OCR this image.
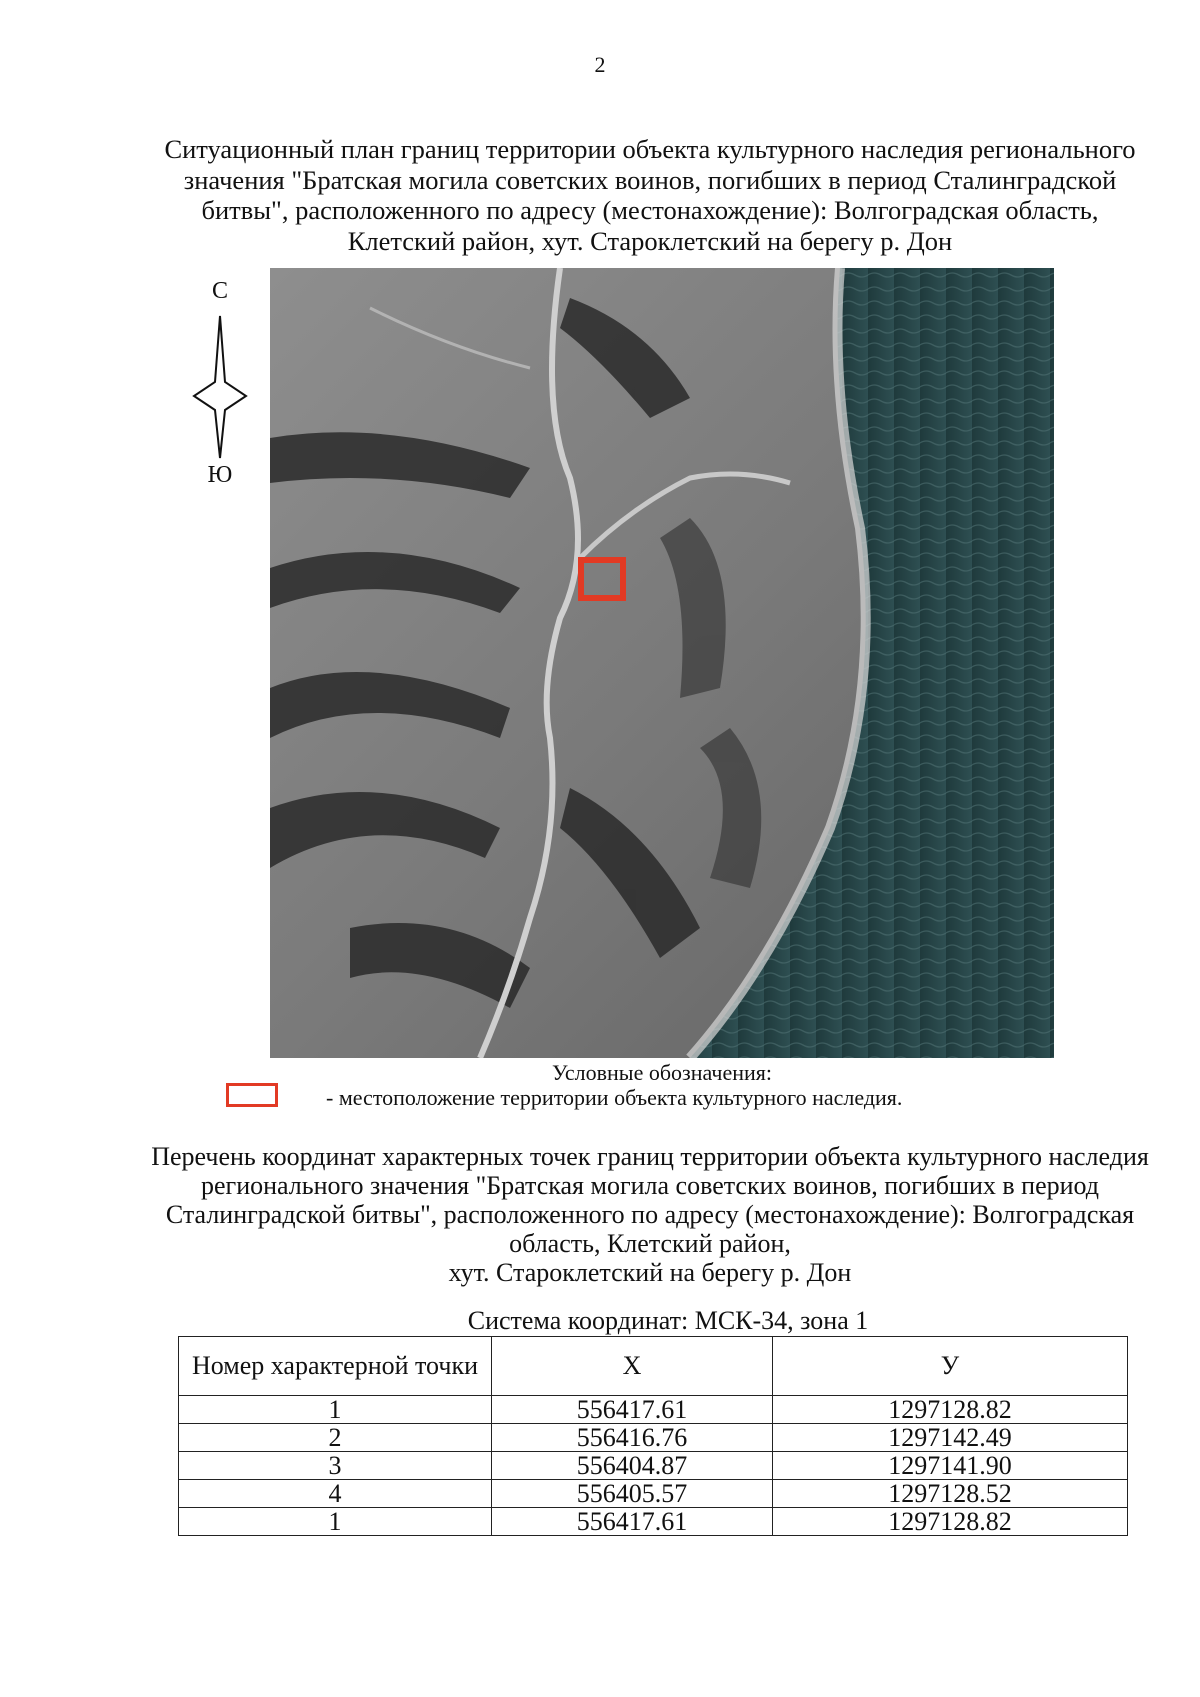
2
Ситуационный план границ территории объекта культурного наследия регионального значения "Братская могила советских воинов, погибших в период Сталинградской битвы", расположенного по адресу (местонахождение): Волгоградская область, Клетский район, хут. Староклетский на берегу р. Дон
С
Ю
Условные обозначения:
- местоположение территории объекта культурного наследия.
Перечень координат характерных точек границ территории объекта культурного наследия регионального значения "Братская могила советских воинов, погибших в период Сталинградской битвы", расположенного по адресу (местонахождение): Волгоградская область, Клетский район,
хут. Староклетский на берегу р. Дон
Система координат: МСК-34, зона 1
Номер характерной точки	X	У
1	556417.61	1297128.82
2	556416.76	1297142.49
3	556404.87	1297141.90
4	556405.57	1297128.52
1	556417.61	1297128.82
